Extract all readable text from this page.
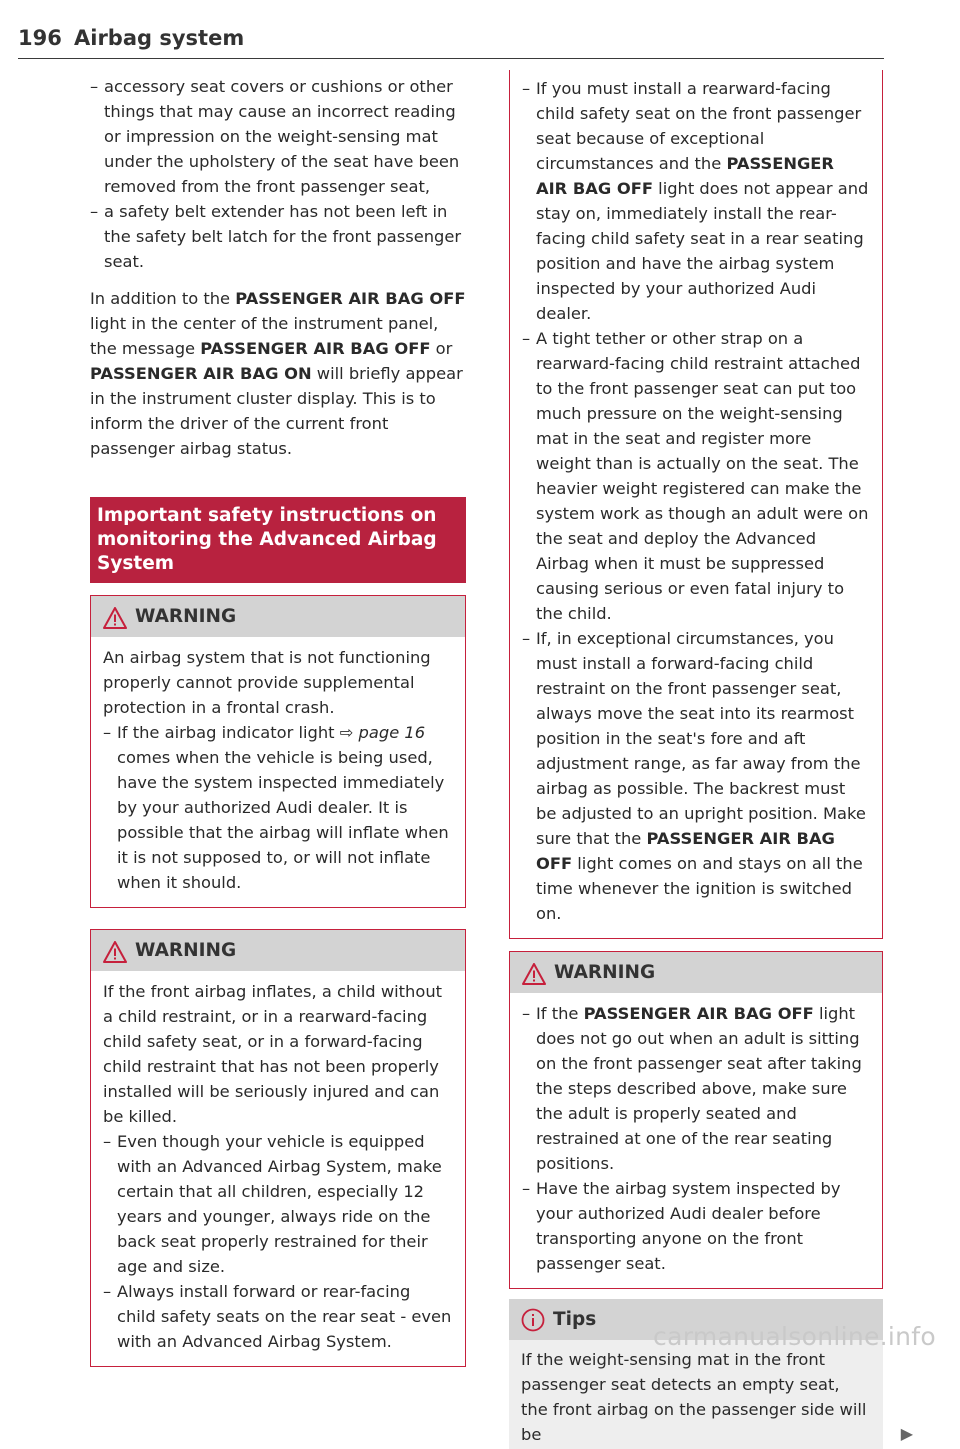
196 Airbag system
– accessory seat covers or cushions or other things that may cause an incorrect reading or impression on the weight-sensing mat under the upholstery of the seat have been removed from the front passenger seat,
– a safety belt extender has not been left in the safety belt latch for the front passenger seat.

In addition to the PASSENGER AIR BAG OFF light in the center of the instrument panel, the message PASSENGER AIR BAG OFF or PASSENGER AIR BAG ON will briefly appear in the instrument cluster display. This is to inform the driver of the current front passenger airbag status.

Important safety instructions on monitoring the Advanced Airbag System
WARNING

An airbag system that is not functioning properly cannot provide supplemental protection in a frontal crash.

– If the airbag indicator light ⇨ page 16 comes when the vehicle is being used, have the system inspected immediately by your authorized Audi dealer. It is possible that the airbag will inflate when it is not supposed to, or will not inflate when it should.
WARNING

If the front airbag inflates, a child without a child restraint, or in a rearward-facing child safety seat, or in a forward-facing child restraint that has not been properly installed will be seriously injured and can be killed.

– Even though your vehicle is equipped with an Advanced Airbag System, make certain that all children, especially 12 years and younger, always ride on the back seat properly restrained for their age and size.
– Always install forward or rear-facing child safety seats on the rear seat - even with an Advanced Airbag System.
– If you must install a rearward-facing child safety seat on the front passenger seat because of exceptional circumstances and the PASSENGER AIR BAG OFF light does not appear and stay on, immediately install the rear-facing child safety seat in a rear seating position and have the airbag system inspected by your authorized Audi dealer.
– A tight tether or other strap on a rearward-facing child restraint attached to the front passenger seat can put too much pressure on the weight-sensing mat in the seat and register more weight than is actually on the seat. The heavier weight registered can make the system work as though an adult were on the seat and deploy the Advanced Airbag when it must be suppressed causing serious or even fatal injury to the child.
– If, in exceptional circumstances, you must install a forward-facing child restraint on the front passenger seat, always move the seat into its rearmost position in the seat's fore and aft adjustment range, as far away from the airbag as possible. The backrest must be adjusted to an upright position. Make sure that the PASSENGER AIR BAG OFF light comes on and stays on all the time whenever the ignition is switched on.
WARNING
– If the PASSENGER AIR BAG OFF light does not go out when an adult is sitting on the front passenger seat after taking the steps described above, make sure the adult is properly seated and restrained at one of the rear seating positions.
– Have the airbag system inspected by your authorized Audi dealer before transporting anyone on the front passenger seat.
Tips

If the weight-sensing mat in the front passenger seat detects an empty seat, the front airbag on the passenger side will be	▶
carmanualsonline.info
